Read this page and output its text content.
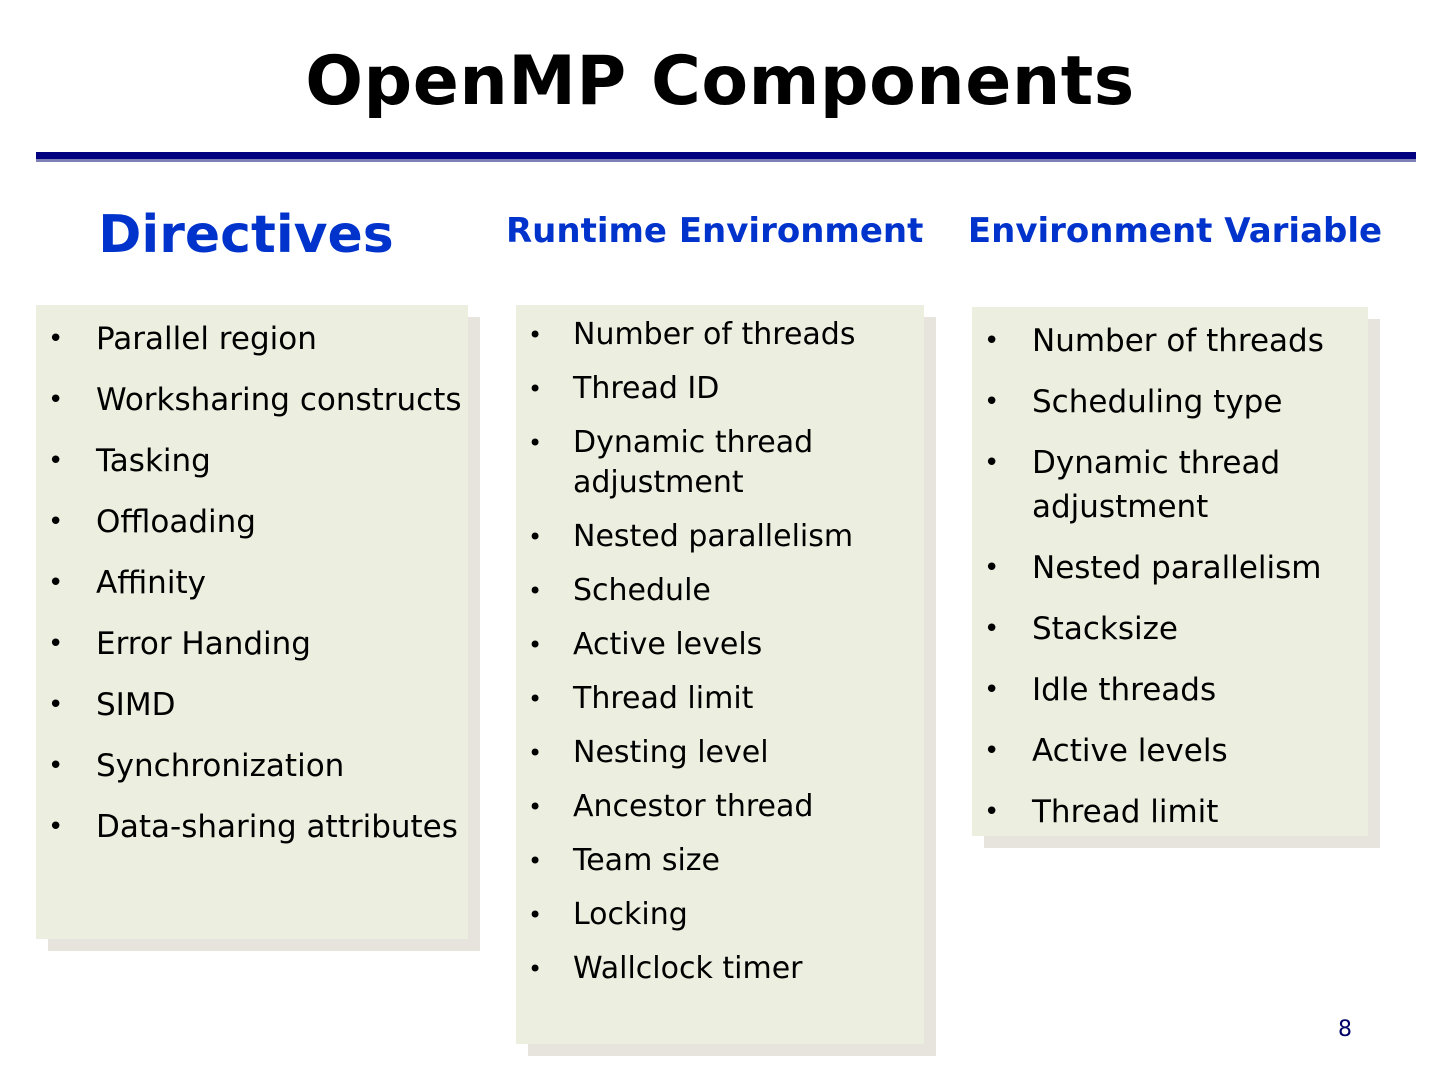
OpenMP Components
Directives	Runtime Environment Environment Variable
• Parallel region
• Worksharing constructs
• Tasking
• Offloading
• Affinity
• Error Handing
• SIMD
• Synchronization
• Data-sharing attributes
• Number of threads
• Thread ID
• Dynamic thread adjustment
• Nested parallelism
• Schedule
• Active levels
• Thread limit
• Nesting level
• Ancestor thread
• Team size
• Locking
• Wallclock timer
• Number of threads
• Scheduling type
• Dynamic thread adjustment
• Nested parallelism
• Stacksize
• Idle threads
• Active levels
• Thread limit
8
